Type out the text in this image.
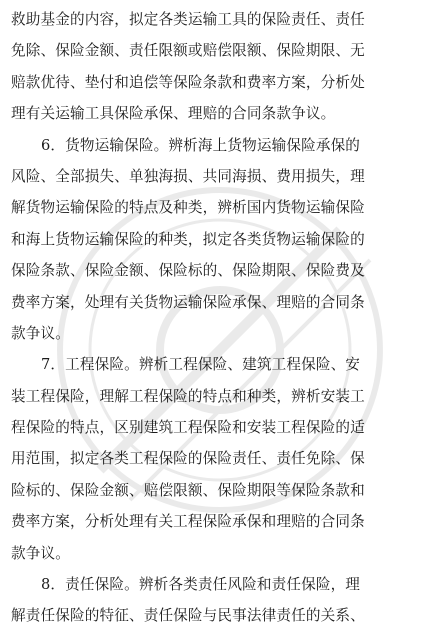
救助基金的内容，拟定各类运输工具的保险责任、责任
免除、保险金额、责任限额或赔偿限额、保险期限、无
赔款优待、垫付和追偿等保险条款和费率方案，分析处
理有关运输工具保险承保、理赔的合同条款争议。
6．货物运输保险。辨析海上货物运输保险承保的
风险、全部损失、单独海损、共同海损、费用损失，理
解货物运输保险的特点及种类，辨析国内货物运输保险
和海上货物运输保险的种类，拟定各类货物运输保险的
保险条款、保险金额、保险标的、保险期限、保险费及
费率方案，处理有关货物运输保险承保、理赔的合同条
款争议。
7．工程保险。辨析工程保险、建筑工程保险、安
装工程保险，理解工程保险的特点和种类，辨析安装工
程保险的特点，区别建筑工程保险和安装工程保险的适
用范围，拟定各类工程保险的保险责任、责任免除、保
险标的、保险金额、赔偿限额、保险期限等保险条款和
费率方案，分析处理有关工程保险承保和理赔的合同条
款争议。
8．责任保险。辨析各类责任风险和责任保险，理
解责任保险的特征、责任保险与民事法律责任的关系、
